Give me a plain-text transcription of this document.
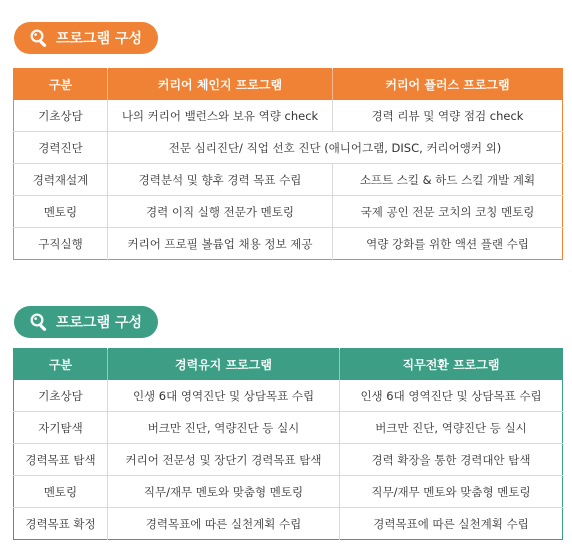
프로그램 구성
구분	커리어 체인지 프로그램	커리어 플러스 프로그램
기초상담	나의 커리어 밸런스와 보유 역량 check	경력 리뷰 및 역량 점검 check
경력진단	전문 심리진단/ 직업 선호 진단 (애니어그램, DISC, 커리어앵커 외)	
경력재설계	경력분석 및 향후 경력 목표 수립	소프트 스킬 & 하드 스킬 개발 계획
멘토링	경력 이직 실행 전문가 멘토링	국제 공인 전문 코치의 코칭 멘토링
구직실행	커리어 프로필 볼륨업 채용 정보 제공	역량 강화를 위한 액션 플랜 수립
프로그램 구성
구분	경력유지 프로그램	직무전환 프로그램
기초상담	인생 6대 영역진단 및 상담목표 수립	인생 6대 영역진단 및 상담목표 수립
자기탐색	버크만 진단, 역량진단 등 실시	버크만 진단, 역량진단 등 실시
경력목표 탐색	커리어 전문성 및 장단기 경력목표 탐색	경력 확장을 통한 경력대안 탐색
멘토링	직무/재무 멘토와 맞춤형 멘토링	직무/재무 멘토와 맞춤형 멘토링
경력목표 확정	경력목표에 따른 실천계획 수립	경력목표에 따른 실천계획 수립
